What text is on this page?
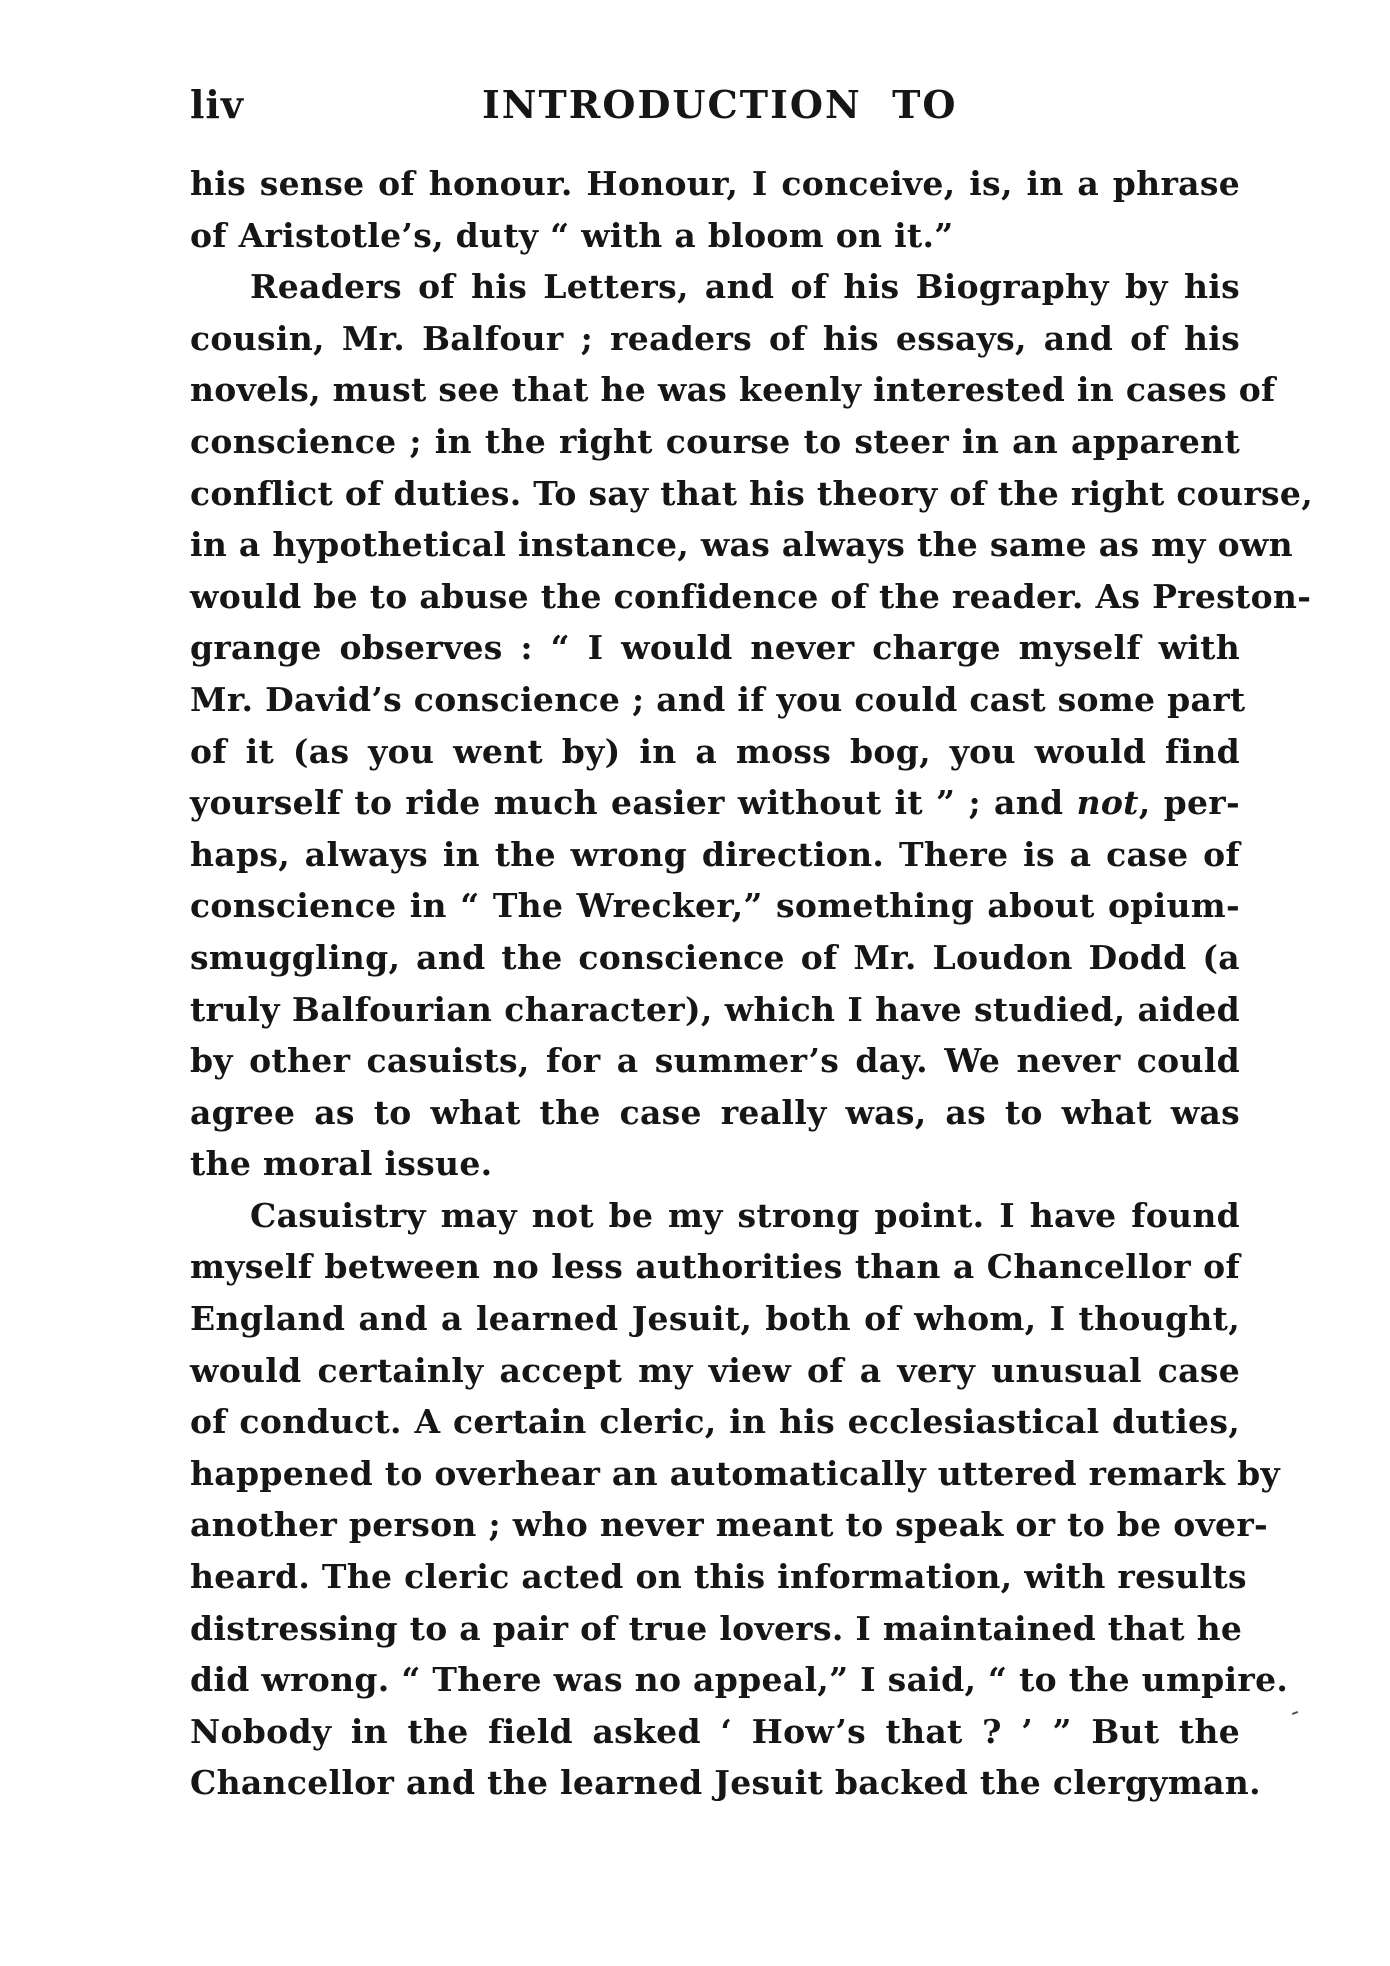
liv	INTRODUCTION  TO
his sense of honour. Honour, I conceive, is, in a phrase
of Aristotle’s, duty “ with a bloom on it.”
Readers of his Letters, and of his Biography by his
cousin, Mr. Balfour ; readers of his essays, and of his
novels, must see that he was keenly interested in cases of
conscience ; in the right course to steer in an apparent
conflict of duties. To say that his theory of the right course,
in a hypothetical instance, was always the same as my own
would be to abuse the confidence of the reader. As Preston-
grange observes : “ I would never charge myself with
Mr. David’s conscience ; and if you could cast some part
of it (as you went by) in a moss bog, you would find
yourself to ride much easier without it ” ; and not, per-
haps, always in the wrong direction. There is a case of
conscience in “ The Wrecker,” something about opium-
smuggling, and the conscience of Mr. Loudon Dodd (a
truly Balfourian character), which I have studied, aided
by other casuists, for a summer’s day. We never could
agree as to what the case really was, as to what was
the moral issue.
Casuistry may not be my strong point. I have found
myself between no less authorities than a Chancellor of
England and a learned Jesuit, both of whom, I thought,
would certainly accept my view of a very unusual case
of conduct. A certain cleric, in his ecclesiastical duties,
happened to overhear an automatically uttered remark by
another person ; who never meant to speak or to be over-
heard. The cleric acted on this information, with results
distressing to a pair of true lovers. I maintained that he
did wrong. “ There was no appeal,” I said, “ to the umpire.
Nobody in the field asked ‘ How’s that ? ’ ” But the
Chancellor and the learned Jesuit backed the clergyman.
